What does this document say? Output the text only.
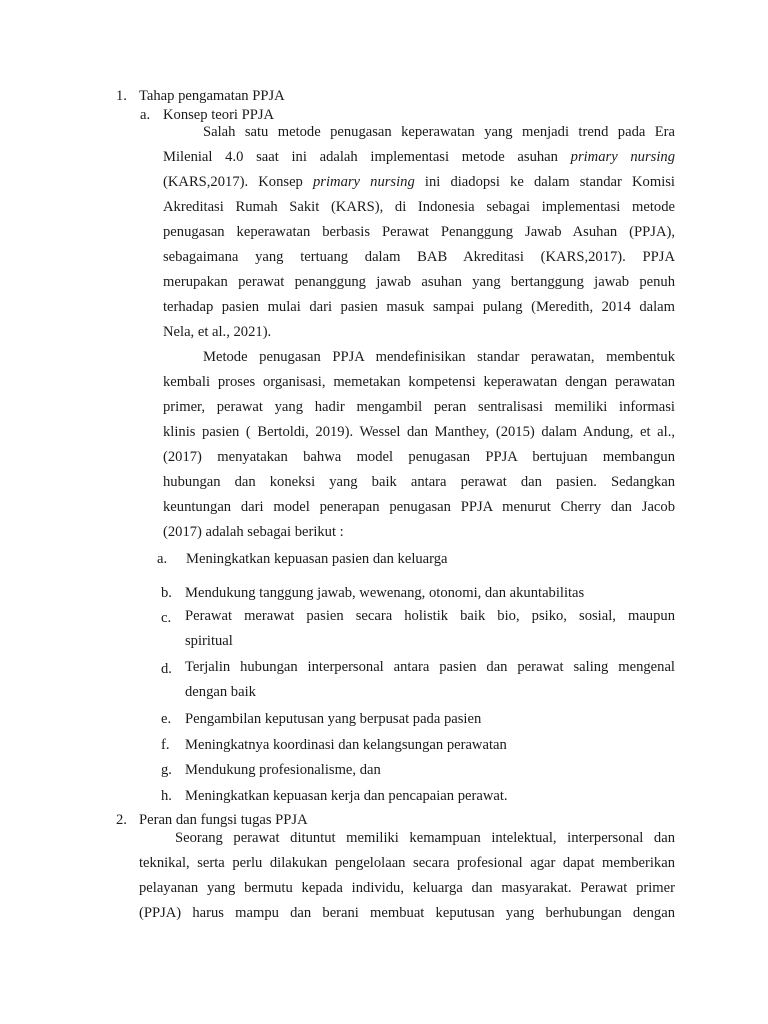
1. Tahap pengamatan PPJA
a. Konsep teori PPJA
Salah satu metode penugasan keperawatan yang menjadi trend pada Era
Milenial 4.0 saat ini adalah implementasi metode asuhan primary nursing
(KARS,2017). Konsep primary nursing ini diadopsi ke dalam standar Komisi
Akreditasi Rumah Sakit (KARS), di Indonesia sebagai implementasi metode
penugasan keperawatan berbasis Perawat Penanggung Jawab Asuhan (PPJA),
sebagaimana yang tertuang dalam BAB Akreditasi (KARS,2017). PPJA
merupakan perawat penanggung jawab asuhan yang bertanggung jawab penuh
terhadap pasien mulai dari pasien masuk sampai pulang (Meredith, 2014 dalam
Nela, et al., 2021).
Metode penugasan PPJA mendefinisikan standar perawatan, membentuk
kembali proses organisasi, memetakan kompetensi keperawatan dengan perawatan
primer, perawat yang hadir mengambil peran sentralisasi memiliki informasi
klinis pasien ( Bertoldi, 2019). Wessel dan Manthey, (2015) dalam Andung, et al.,
(2017) menyatakan bahwa model penugasan PPJA bertujuan membangun
hubungan dan koneksi yang baik antara perawat dan pasien. Sedangkan
keuntungan dari model penerapan penugasan PPJA menurut Cherry dan Jacob
(2017) adalah sebagai berikut :
a. Meningkatkan kepuasan pasien dan keluarga
b. Mendukung tanggung jawab, wewenang, otonomi, dan akuntabilitas
c. Perawat merawat pasien secara holistik baik bio, psiko, sosial, maupun
spiritual
d. Terjalin hubungan interpersonal antara pasien dan perawat saling mengenal
dengan baik
e. Pengambilan keputusan yang berpusat pada pasien
f. Meningkatnya koordinasi dan kelangsungan perawatan
g. Mendukung profesionalisme, dan
h. Meningkatkan kepuasan kerja dan pencapaian perawat.
2. Peran dan fungsi tugas PPJA
Seorang perawat dituntut memiliki kemampuan intelektual, interpersonal dan
teknikal, serta perlu dilakukan pengelolaan secara profesional agar dapat memberikan
pelayanan yang bermutu kepada individu, keluarga dan masyarakat. Perawat primer
(PPJA) harus mampu dan berani membuat keputusan yang berhubungan dengan
